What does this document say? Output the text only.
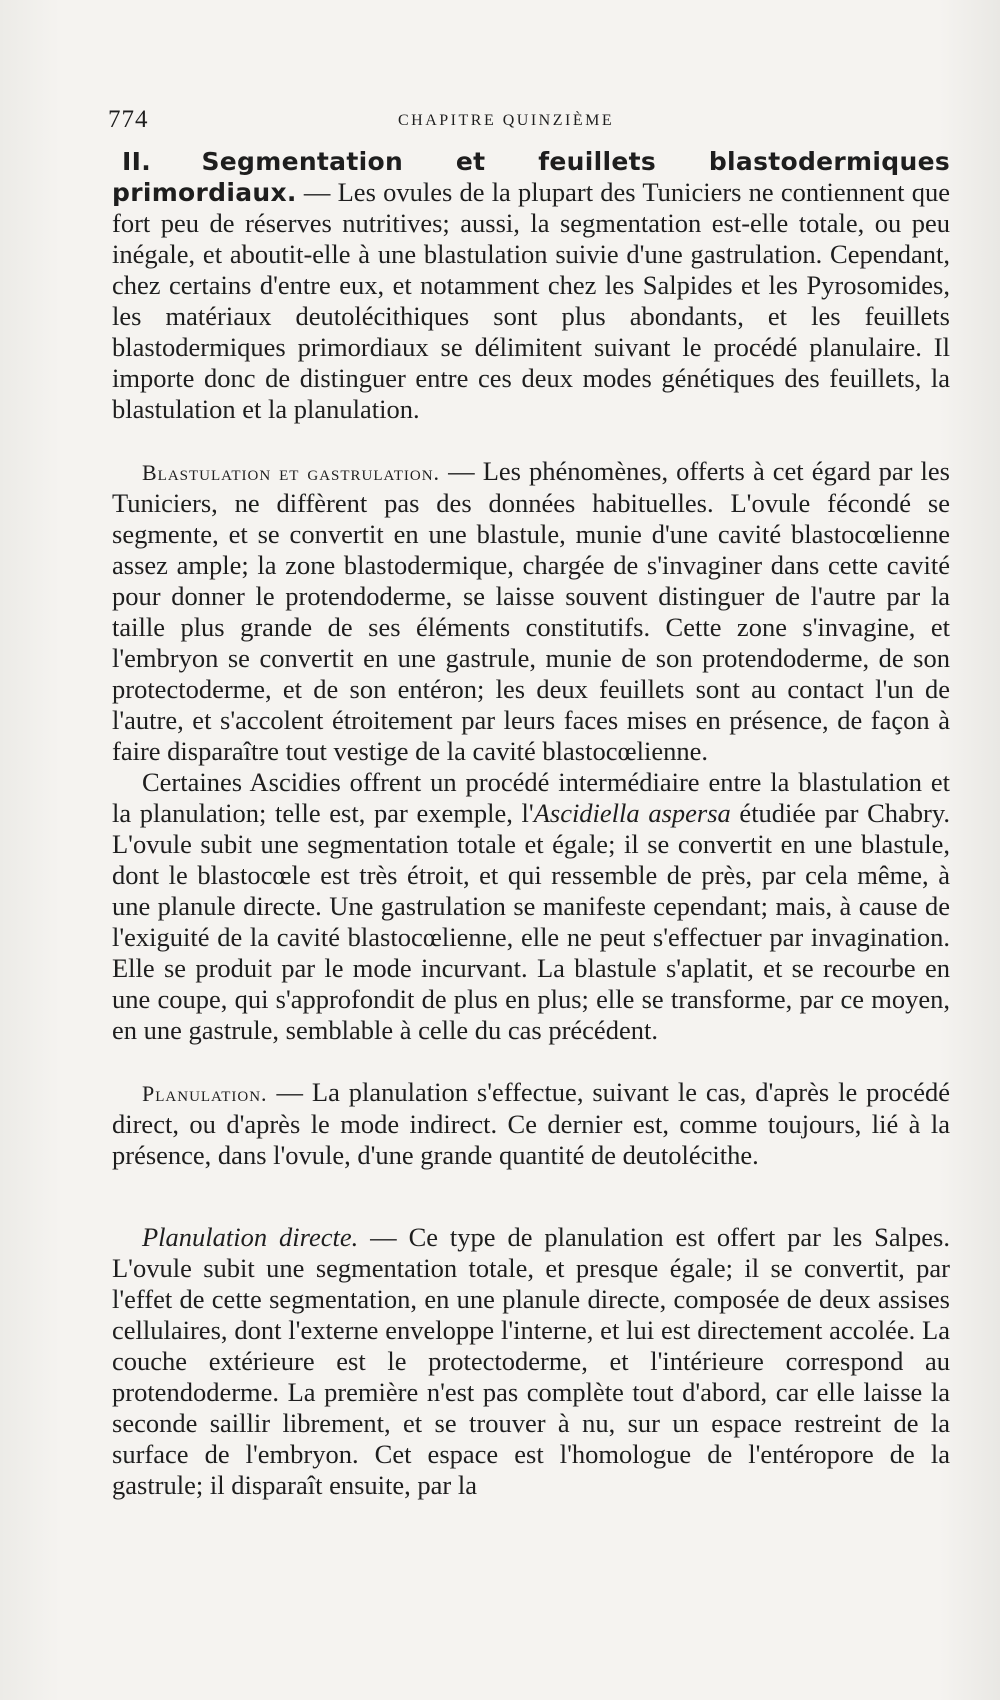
774	CHAPITRE QUINZIÈME

II. Segmentation et feuillets blastodermiques primordiaux. — Les ovules de la plupart des Tuniciers ne contiennent que fort peu de réserves nutritives; aussi, la segmentation est-elle totale, ou peu inégale, et aboutit-elle à une blastulation suivie d'une gastrulation. Cependant, chez certains d'entre eux, et notamment chez les Salpides et les Pyrosomides, les matériaux deutolécithiques sont plus abondants, et les feuillets blastodermiques primordiaux se délimitent suivant le procédé planulaire. Il importe donc de distinguer entre ces deux modes génétiques des feuillets, la blastulation et la planulation.

Blastulation et gastrulation. — Les phénomènes, offerts à cet égard par les Tuniciers, ne diffèrent pas des données habituelles. L'ovule fécondé se segmente, et se convertit en une blastule, munie d'une cavité blastocœlienne assez ample; la zone blastodermique, chargée de s'invaginer dans cette cavité pour donner le protendoderme, se laisse souvent distinguer de l'autre par la taille plus grande de ses éléments constitutifs. Cette zone s'invagine, et l'embryon se convertit en une gastrule, munie de son protendoderme, de son protectoderme, et de son entéron; les deux feuillets sont au contact l'un de l'autre, et s'accolent étroitement par leurs faces mises en présence, de façon à faire disparaître tout vestige de la cavité blastocœlienne.

Certaines Ascidies offrent un procédé intermédiaire entre la blastulation et la planulation; telle est, par exemple, l'Ascidiella aspersa étudiée par Chabry. L'ovule subit une segmentation totale et égale; il se convertit en une blastule, dont le blastocœle est très étroit, et qui ressemble de près, par cela même, à une planule directe. Une gastrulation se manifeste cependant; mais, à cause de l'exiguité de la cavité blastocœlienne, elle ne peut s'effectuer par invagination. Elle se produit par le mode incurvant. La blastule s'aplatit, et se recourbe en une coupe, qui s'approfondit de plus en plus; elle se transforme, par ce moyen, en une gastrule, semblable à celle du cas précédent.

Planulation. — La planulation s'effectue, suivant le cas, d'après le procédé direct, ou d'après le mode indirect. Ce dernier est, comme toujours, lié à la présence, dans l'ovule, d'une grande quantité de deutolécithe.

Planulation directe. — Ce type de planulation est offert par les Salpes. L'ovule subit une segmentation totale, et presque égale; il se convertit, par l'effet de cette segmentation, en une planule directe, composée de deux assises cellulaires, dont l'externe enveloppe l'interne, et lui est directement accolée. La couche extérieure est le protectoderme, et l'intérieure correspond au protendoderme. La première n'est pas complète tout d'abord, car elle laisse la seconde saillir librement, et se trouver à nu, sur un espace restreint de la surface de l'embryon. Cet espace est l'homologue de l'entéropore de la gastrule; il disparaît ensuite, par la
